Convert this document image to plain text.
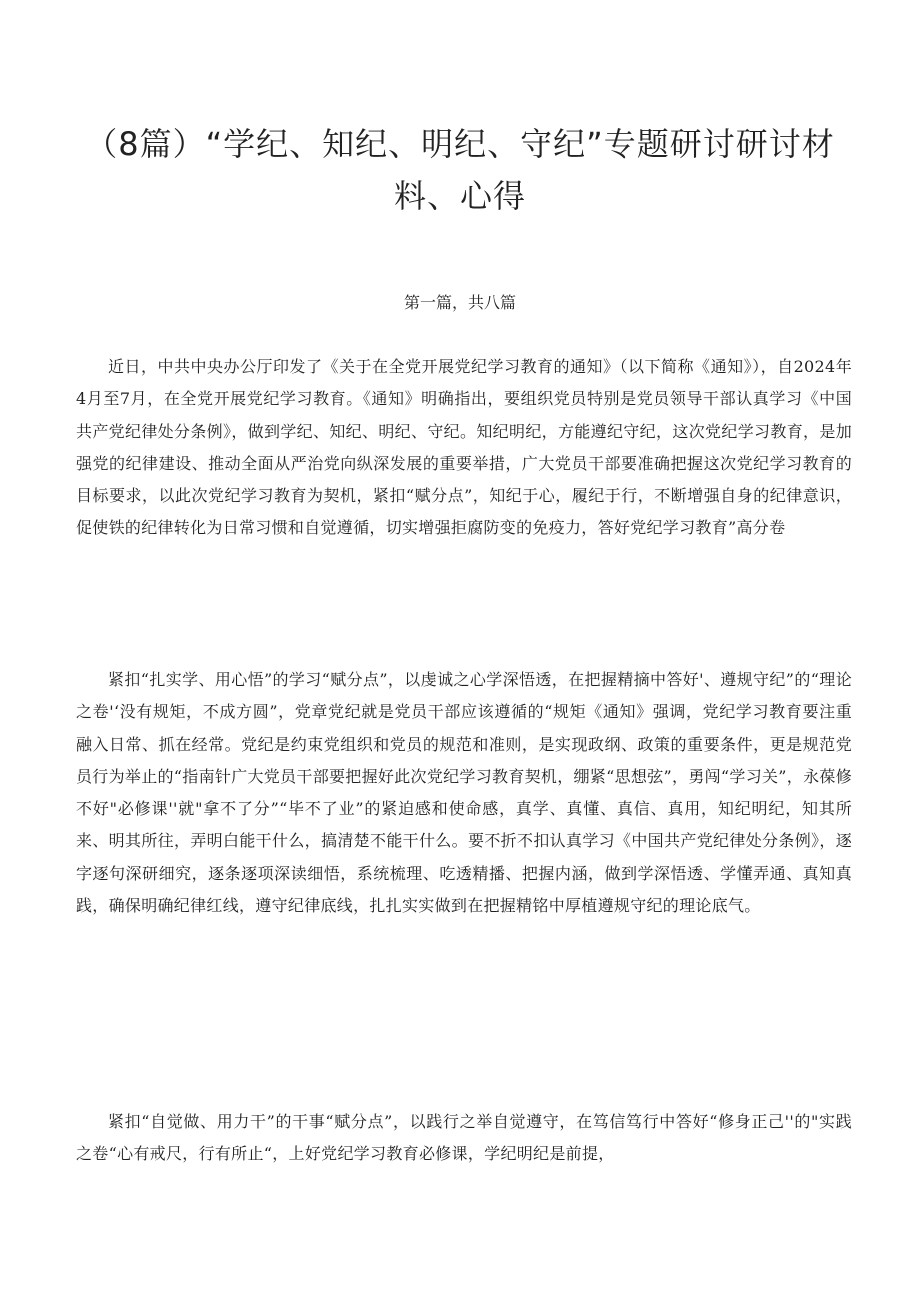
（8篇）“学纪、知纪、明纪、守纪”专题研讨研讨材料、心得

第一篇，共八篇

近日，中共中央办公厅印发了《关于在全党开展党纪学习教育的通知》（以下简称《通知》），自2024年4月至7月，在全党开展党纪学习教育。《通知》明确指出，要组织党员特别是党员领导干部认真学习《中国共产党纪律处分条例》，做到学纪、知纪、明纪、守纪。知纪明纪，方能遵纪守纪，这次党纪学习教育，是加强党的纪律建设、推动全面从严治党向纵深发展的重要举措，广大党员干部要准确把握这次党纪学习教育的目标要求，以此次党纪学习教育为契机，紧扣“赋分点”，知纪于心，履纪于行，不断增强自身的纪律意识，促使铁的纪律转化为日常习惯和自觉遵循，切实增强拒腐防变的免疫力，答好党纪学习教育”高分卷

紧扣“扎实学、用心悟”的学习“赋分点”，以虔诚之心学深悟透，在把握精摘中答好'、遵规守纪”的“理论之卷'‘没有规矩，不成方圆”，党章党纪就是党员干部应该遵循的“规矩《通知》强调，党纪学习教育要注重融入日常、抓在经常。党纪是约束党组织和党员的规范和准则，是实现政纲、政策的重要条件，更是规范党员行为举止的“指南针广大党员干部要把握好此次党纪学习教育契机，绷紧“思想弦”，勇闯“学习关”，永葆修不好"必修课''就"拿不了分”“毕不了业”的紧迫感和使命感，真学、真懂、真信、真用，知纪明纪，知其所来、明其所往，弄明白能干什么，搞清楚不能干什么。要不折不扣认真学习《中国共产党纪律处分条例》，逐字逐句深研细究，逐条逐项深读细悟，系统梳理、吃透精播、把握内涵，做到学深悟透、学懂弄通、真知真践，确保明确纪律红线，遵守纪律底线，扎扎实实做到在把握精铭中厚植遵规守纪的理论底气。

紧扣“自觉做、用力干”的干事“赋分点”，以践行之举自觉遵守，在笃信笃行中答好“修身正己''的"实践之卷“心有戒尺，行有所止“，上好党纪学习教育必修课，学纪明纪是前提，
